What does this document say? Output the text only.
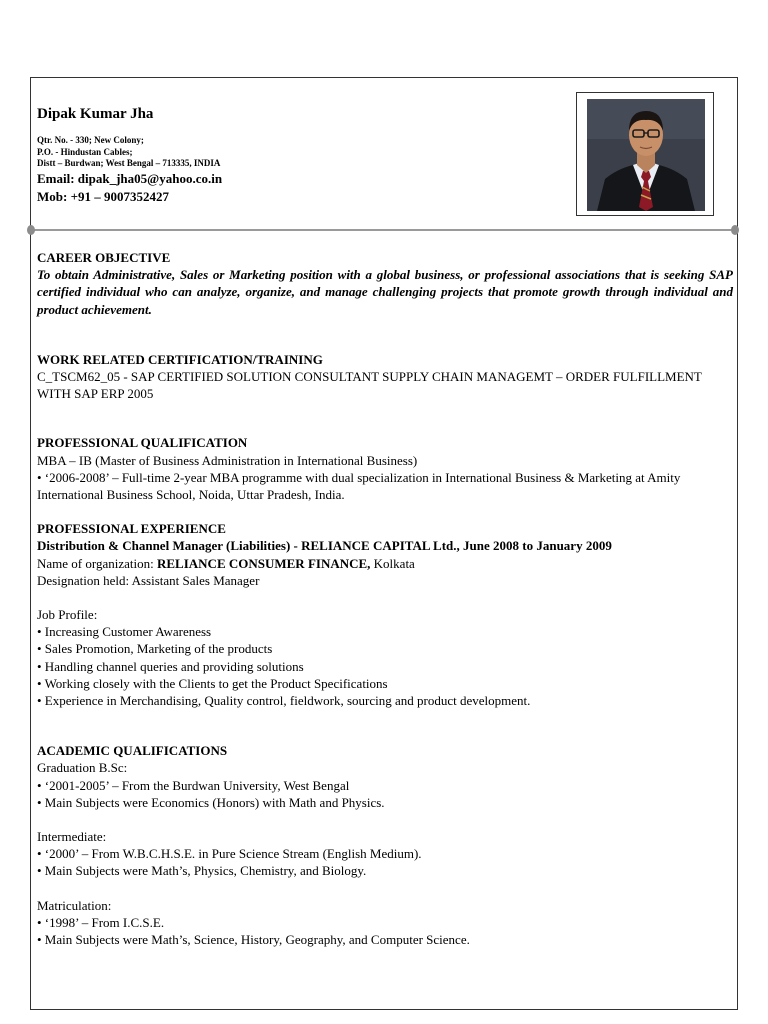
Dipak Kumar Jha
Qtr. No. - 330; New Colony;
P.O. - Hindustan Cables;
Distt – Burdwan; West Bengal – 713335, INDIA
Email: dipak_jha05@yahoo.co.in
Mob: +91 – 9007352427

CAREER OBJECTIVE

To obtain Administrative, Sales or Marketing position with a global business, or professional associations that is seeking SAP certified individual who can analyze, organize, and manage challenging projects that promote growth through individual and product achievement.

WORK RELATED CERTIFICATION/TRAINING

C_TSCM62_05 - SAP CERTIFIED SOLUTION CONSULTANT SUPPLY CHAIN MANAGEMT – ORDER FULFILLMENT WITH SAP ERP 2005

PROFESSIONAL QUALIFICATION

MBA – IB (Master of Business Administration in International Business)

• ‘2006-2008’ – Full-time 2-year MBA programme with dual specialization in International Business & Marketing at Amity International Business School, Noida, Uttar Pradesh, India.

PROFESSIONAL EXPERIENCE

Distribution & Channel Manager (Liabilities) - RELIANCE CAPITAL Ltd., June 2008 to January 2009

Name of organization: RELIANCE CONSUMER FINANCE, Kolkata

Designation held: Assistant Sales Manager

Job Profile:

• Increasing Customer Awareness

• Sales Promotion, Marketing of the products

• Handling channel queries and providing solutions

• Working closely with the Clients to get the Product Specifications

• Experience in Merchandising, Quality control, fieldwork, sourcing and product development.

ACADEMIC QUALIFICATIONS

Graduation B.Sc:

• ‘2001-2005’ – From the Burdwan University, West Bengal

• Main Subjects were Economics (Honors) with Math and Physics.

Intermediate:

• ‘2000’ – From W.B.C.H.S.E. in Pure Science Stream (English Medium).

• Main Subjects were Math’s, Physics, Chemistry, and Biology.

Matriculation:

• ‘1998’ – From I.C.S.E.

• Main Subjects were Math’s, Science, History, Geography, and Computer Science.
